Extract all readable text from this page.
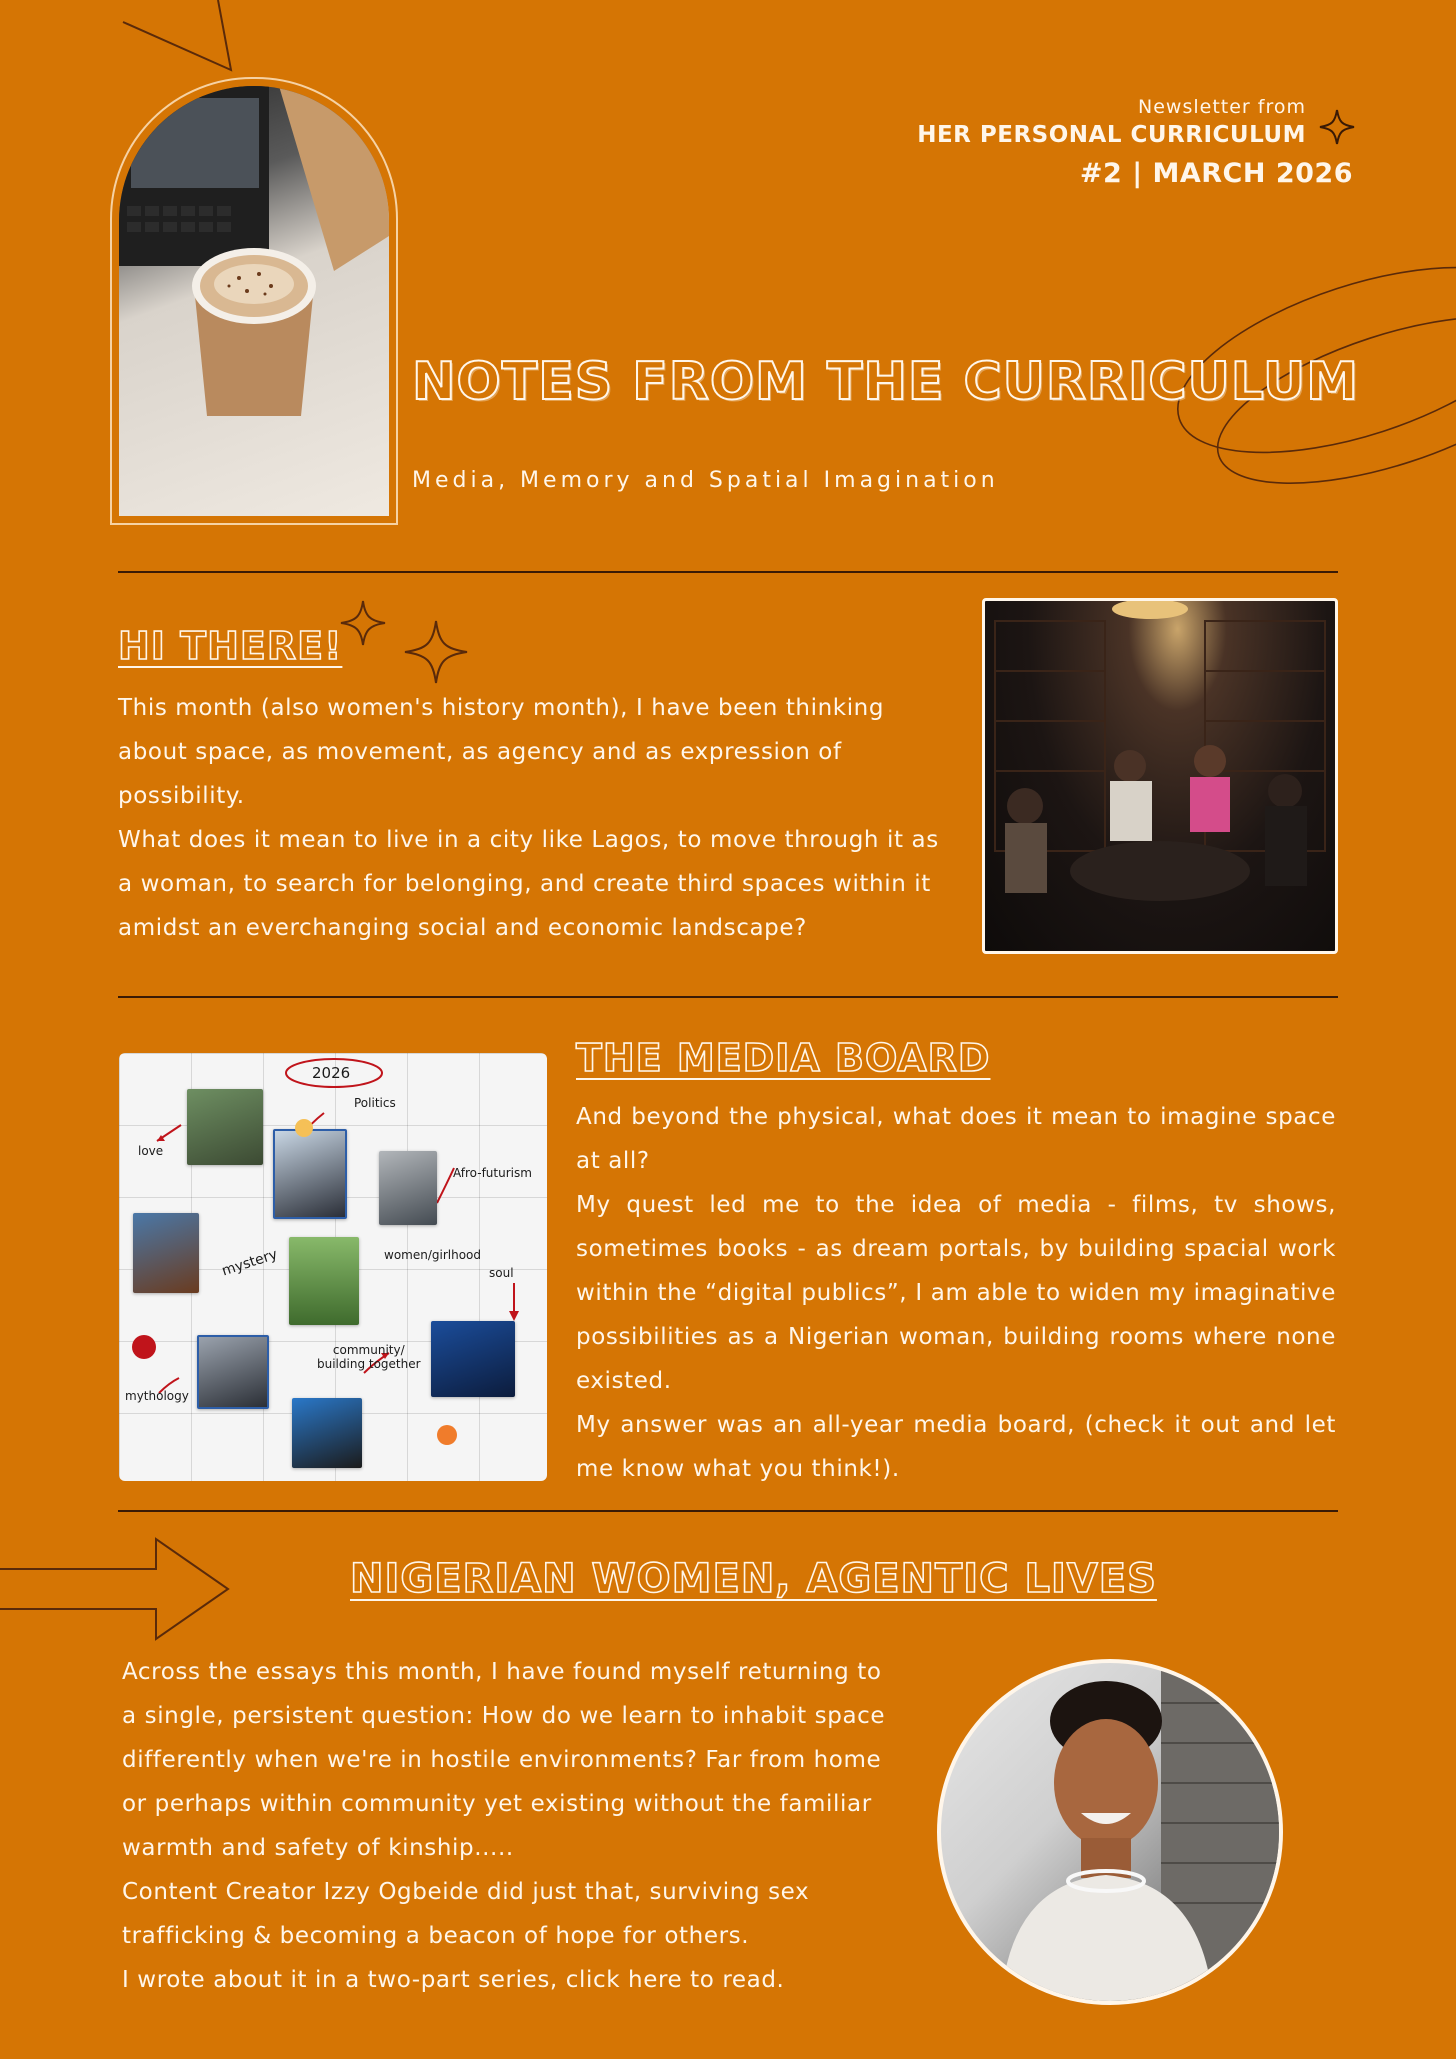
Newsletter from
HER PERSONAL CURRICULUM
#2 | MARCH 2026
NOTES FROM THE CURRICULUM
Media, Memory and Spatial Imagination
HI THERE!

This month (also women's history month), I have been thinking about space, as movement, as agency and as expression of possibility.

What does it mean to live in a city like Lagos, to move through it as a woman, to search for belonging, and create third spaces within it amidst an everchanging social and economic landscape?

2026
Politics
love
Afro-futurism
mystery	women/girlhood
soul
community/
building together
mythology
THE MEDIA BOARD

And beyond the physical, what does it mean to imagine space at all?

My quest led me to the idea of media - films, tv shows, sometimes books - as dream portals, by building spacial work within the “digital publics”, I am able to widen my imaginative possibilities as a Nigerian woman, building rooms where none existed.

My answer was an all-year media board, (check it out and let me know what you think!).

NIGERIAN WOMEN, AGENTIC LIVES

Across the essays this month, I have found myself returning to a single, persistent question: How do we learn to inhabit space differently when we're in hostile environments? Far from home or perhaps within community yet existing without the familiar warmth and safety of kinship.....

Content Creator Izzy Ogbeide did just that, surviving sex trafficking & becoming a beacon of hope for others.

I wrote about it in a two-part series, click here to read.
